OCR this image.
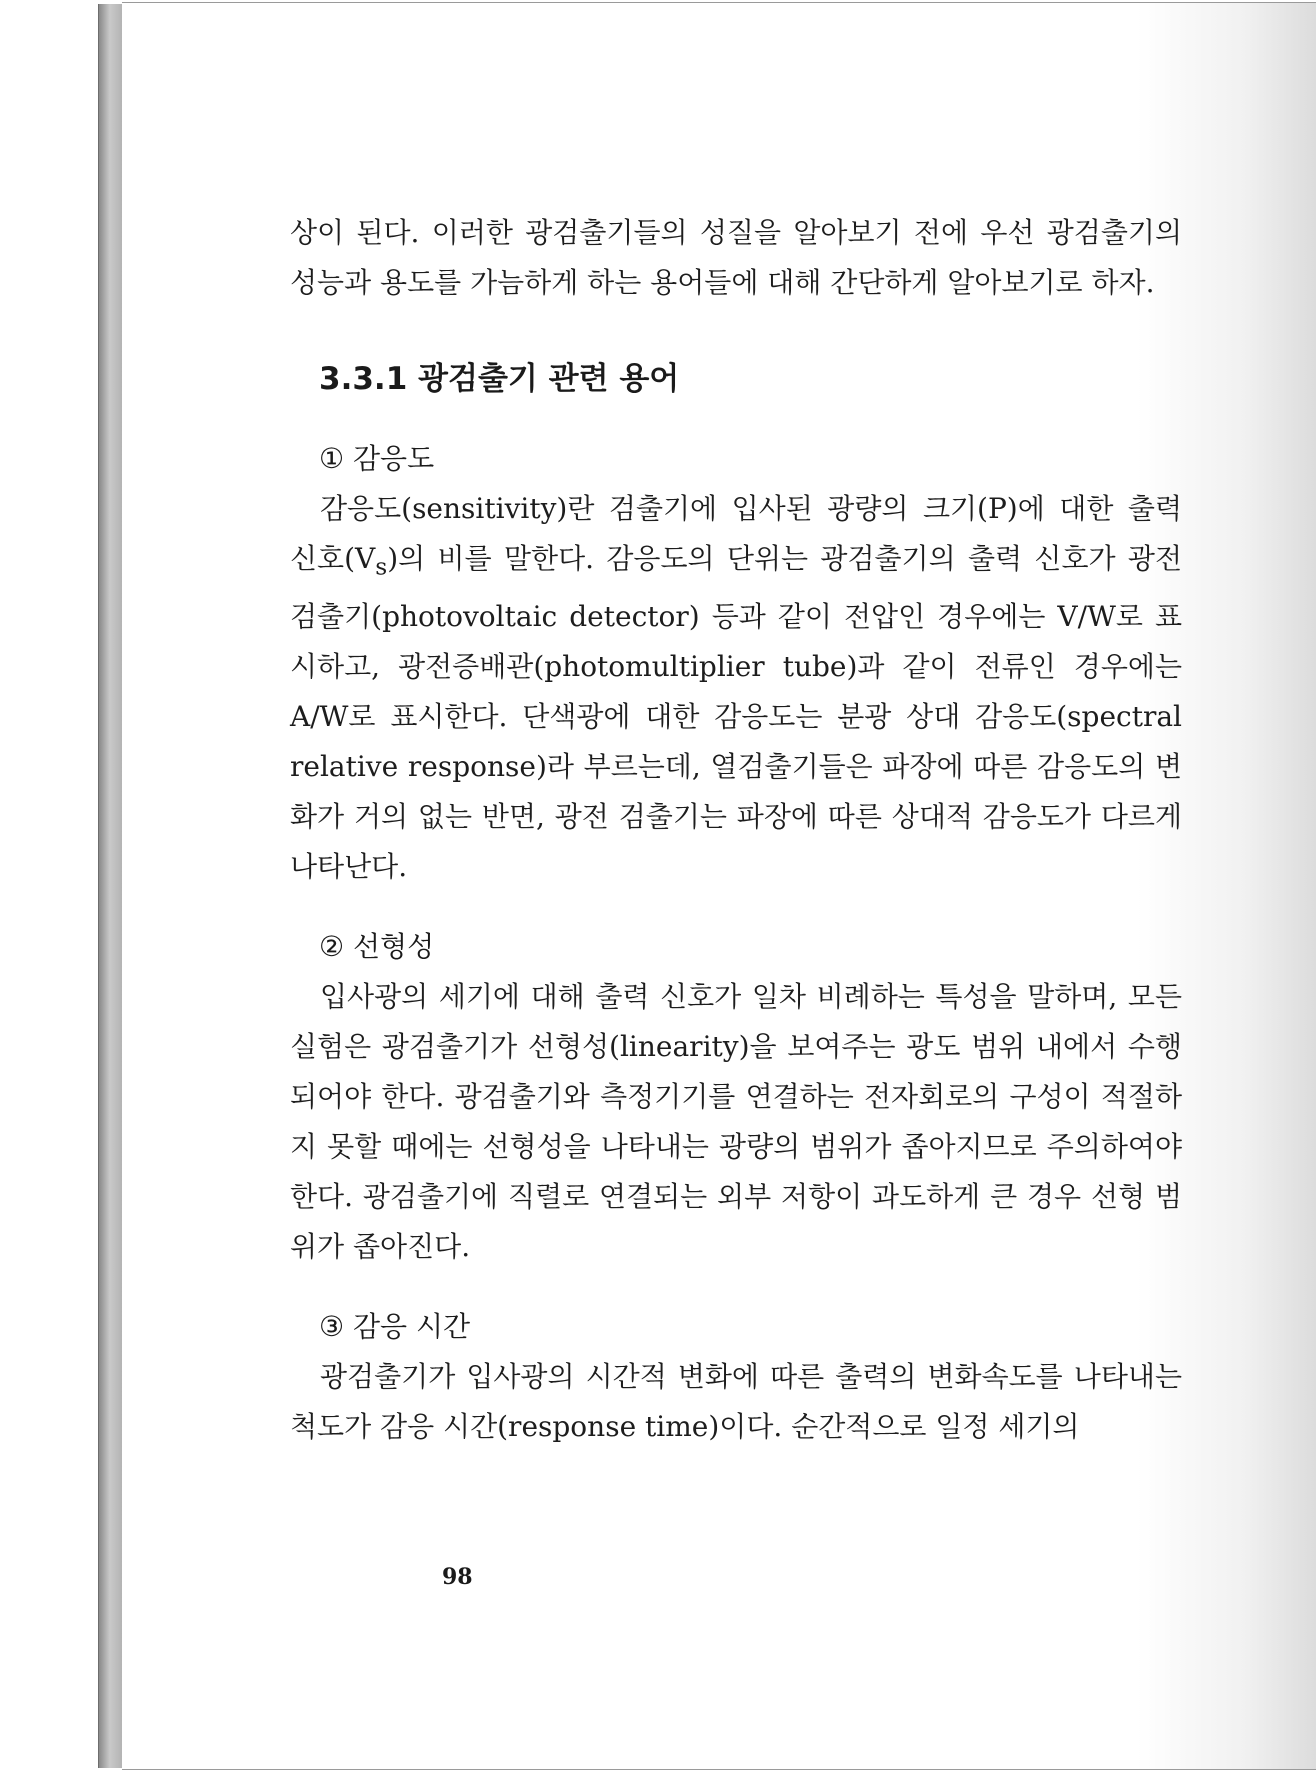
상이 된다. 이러한 광검출기들의 성질을 알아보기 전에 우선 광검출기의 성능과 용도를 가늠하게 하는 용어들에 대해 간단하게 알아보기로 하자.

3.3.1 광검출기 관련 용어

① 감응도

감응도(sensitivity)란 검출기에 입사된 광량의 크기(P)에 대한 출력 신호$(V_s)$의 비를 말한다. 감응도의 단위는 광검출기의 출력 신호가 광전 검출기(photovoltaic detector) 등과 같이 전압인 경우에는 V/W로 표시하고, 광전증배관(photomultiplier tube)과 같이 전류인 경우에는 A/W로 표시한다. 단색광에 대한 감응도는 분광 상대 감응도(spectral relative response)라 부르는데, 열검출기들은 파장에 따른 감응도의 변화가 거의 없는 반면, 광전 검출기는 파장에 따른 상대적 감응도가 다르게 나타난다.

② 선형성

입사광의 세기에 대해 출력 신호가 일차 비례하는 특성을 말하며, 모든 실험은 광검출기가 선형성(linearity)을 보여주는 광도 범위 내에서 수행되어야 한다. 광검출기와 측정기기를 연결하는 전자회로의 구성이 적절하지 못할 때에는 선형성을 나타내는 광량의 범위가 좁아지므로 주의하여야 한다. 광검출기에 직렬로 연결되는 외부 저항이 과도하게 큰 경우 선형 범위가 좁아진다.

③ 감응 시간

광검출기가 입사광의 시간적 변화에 따른 출력의 변화속도를 나타내는 척도가 감응 시간(response time)이다. 순간적으로 일정 세기의

98
